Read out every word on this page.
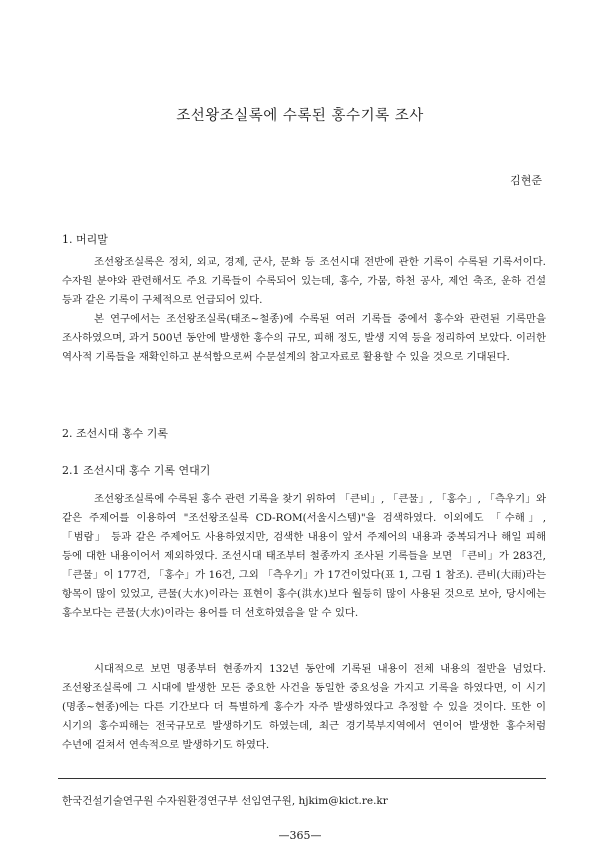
조선왕조실록에 수록된 홍수기록 조사
김현준
1. 머리말

조선왕조실록은 정치, 외교, 경제, 군사, 문화 등 조선시대 전반에 관한 기록이 수록된 기록서이다. 수자원 분야와 관련해서도 주요 기록들이 수록되어 있는데, 홍수, 가뭄, 하천 공사, 제언 축조, 운하 건설 등과 같은 기록이 구체적으로 언급되어 있다.

본 연구에서는 조선왕조실록(태조~철종)에 수록된 여러 기록들 중에서 홍수와 관련된 기록만을 조사하였으며, 과거 500년 동안에 발생한 홍수의 규모, 피해 정도, 발생 지역 등을 정리하여 보았다. 이러한 역사적 기록들을 재확인하고 분석함으로써 수문설계의 참고자료로 활용할 수 있을 것으로 기대된다.

2. 조선시대 홍수 기록
2.1 조선시대 홍수 기록 연대기

조선왕조실록에 수록된 홍수 관련 기록을 찾기 위하여 「큰비」, 「큰물」, 「홍수」, 「측우기」와 같은 주제어를 이용하여 "조선왕조실록 CD-ROM(서울시스템)"을 검색하였다. 이외에도 「수해」, 「범람」 등과 같은 주제어도 사용하였지만, 검색한 내용이 앞서 주제어의 내용과 중복되거나 해일 피해 등에 대한 내용이어서 제외하였다. 조선시대 태조부터 철종까지 조사된 기록들을 보면 「큰비」가 283건, 「큰물」이 177건, 「홍수」가 16건, 그외 「측우기」가 17건이었다(표 1, 그림 1 참조). 큰비(大雨)라는 항목이 많이 있었고, 큰물(大水)이라는 표현이 홍수(洪水)보다 월등히 많이 사용된 것으로 보아, 당시에는 홍수보다는 큰물(大水)이라는 용어를 더 선호하였음을 알 수 있다.

시대적으로 보면 명종부터 현종까지 132년 동안에 기록된 내용이 전체 내용의 절반을 넘었다. 조선왕조실록에 그 시대에 발생한 모든 중요한 사건을 동일한 중요성을 가지고 기록을 하였다면, 이 시기(명종~현종)에는 다른 기간보다 더 특별하게 홍수가 자주 발생하였다고 추정할 수 있을 것이다. 또한 이 시기의 홍수피해는 전국규모로 발생하기도 하였는데, 최근 경기북부지역에서 연이어 발생한 홍수처럼 수년에 걸쳐서 연속적으로 발생하기도 하였다.

한국건설기술연구원 수자원환경연구부 선임연구원, hjkim@kict.re.kr
—365—
